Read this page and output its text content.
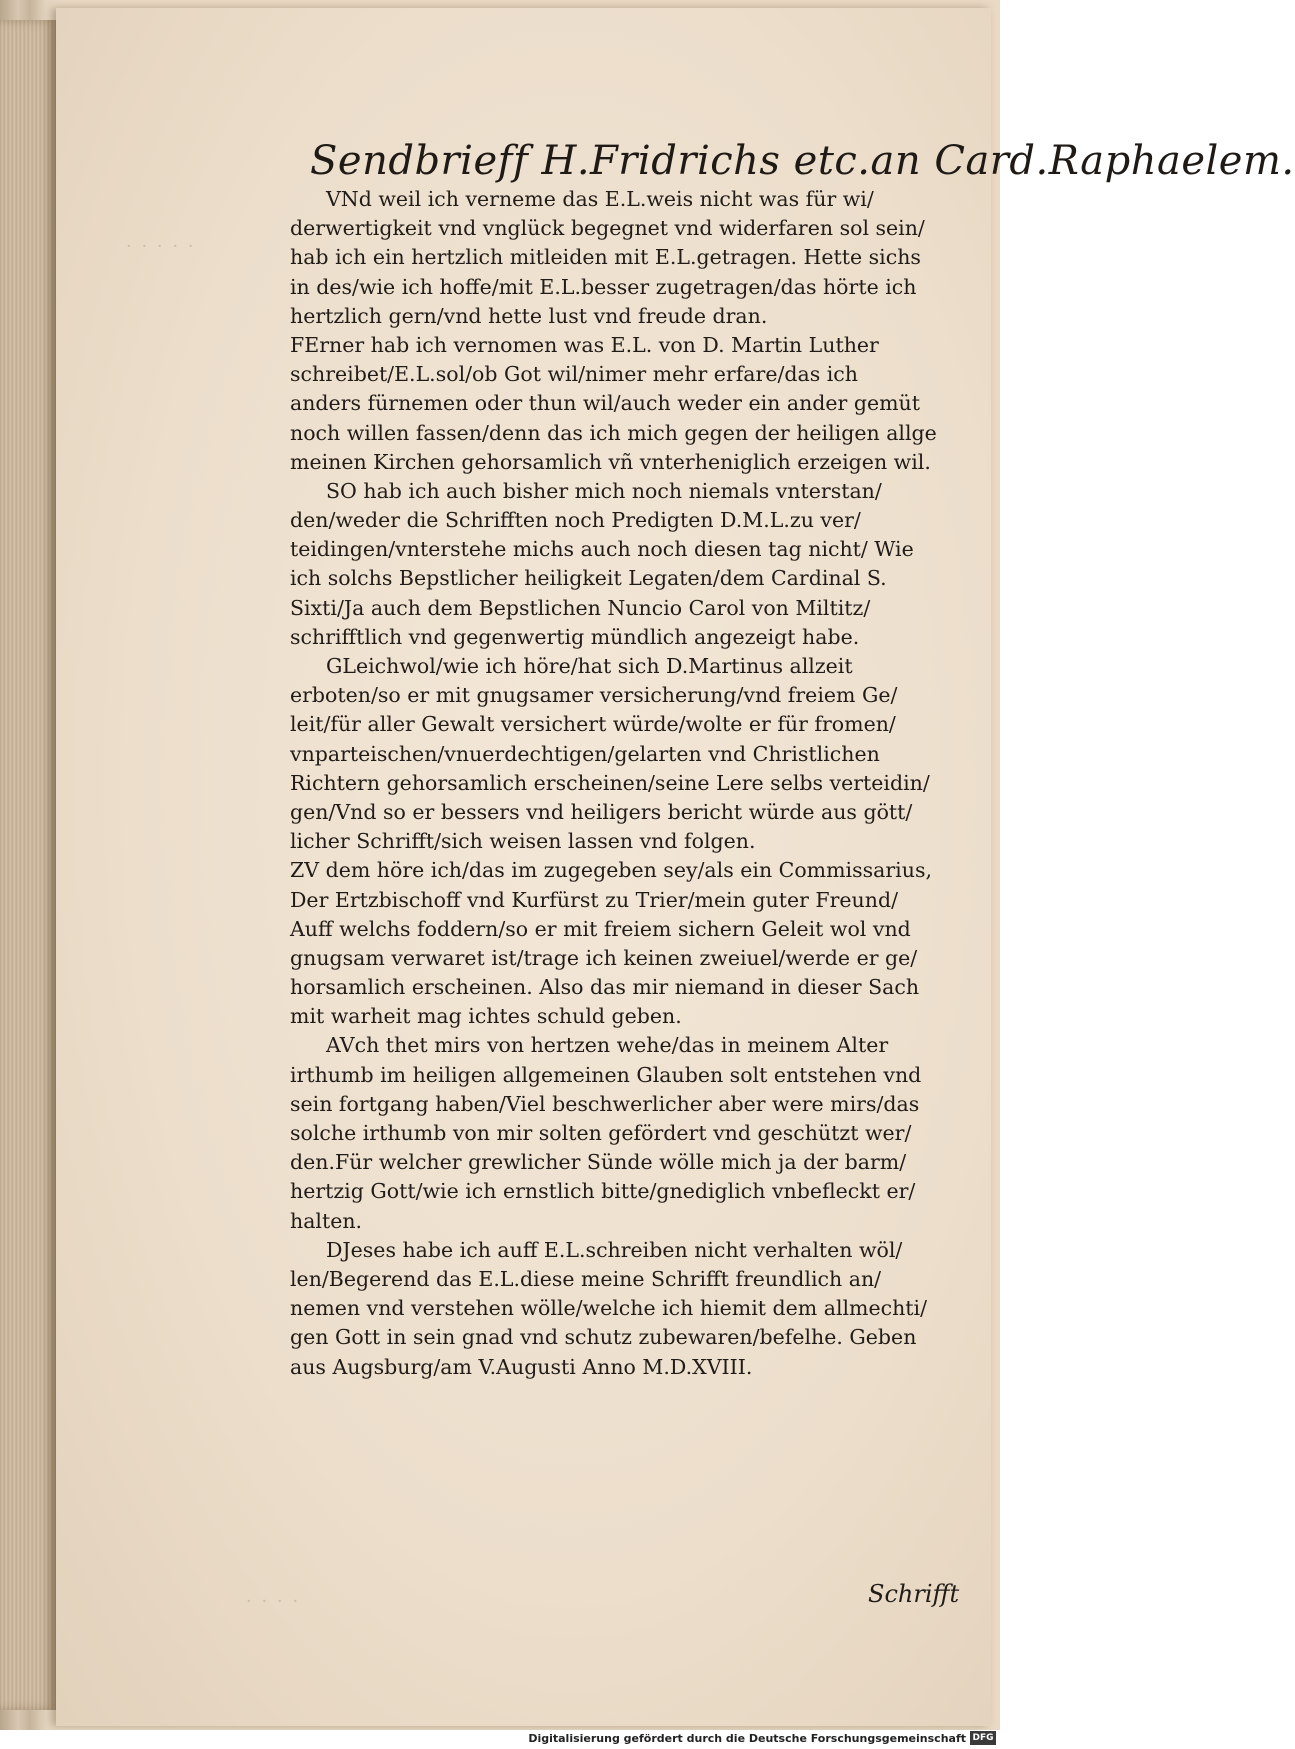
· · · · ·
· · · ·
Sendbrieff H.Fridrichs etc.an Card.Raphaelem.
VNd weil ich verneme das E.L.weis nicht was für wi/
derwertigkeit vnd vnglück begegnet vnd widerfaren sol sein/
hab ich ein hertzlich mitleiden mit E.L.getragen. Hette sichs
in des/wie ich hoffe/mit E.L.besser zugetragen/das hörte ich
hertzlich gern/vnd hette lust vnd freude dran.
FErner hab ich vernomen was E.L. von D. Martin Luther
schreibet/E.L.sol/ob Got wil/nimer mehr erfare/das ich
anders fürnemen oder thun wil/auch weder ein ander gemüt
noch willen fassen/denn das ich mich gegen der heiligen allge
meinen Kirchen gehorsamlich vñ vnterheniglich erzeigen wil.
SO hab ich auch bisher mich noch niemals vnterstan/
den/weder die Schrifften noch Predigten D.M.L.zu ver/
teidingen/vnterstehe michs auch noch diesen tag nicht/ Wie
ich solchs Bepstlicher heiligkeit Legaten/dem Cardinal S.
Sixti/Ja auch dem Bepstlichen Nuncio Carol von Miltitz/
schrifftlich vnd gegenwertig mündlich angezeigt habe.
GLeichwol/wie ich höre/hat sich D.Martinus allzeit
erboten/so er mit gnugsamer versicherung/vnd freiem Ge/
leit/für aller Gewalt versichert würde/wolte er für fromen/
vnparteischen/vnuerdechtigen/gelarten vnd Christlichen
Richtern gehorsamlich erscheinen/seine Lere selbs verteidin/
gen/Vnd so er bessers vnd heiligers bericht würde aus gött/
licher Schrifft/sich weisen lassen vnd folgen.
ZV dem höre ich/das im zugegeben sey/als ein Commissarius,
Der Ertzbischoff vnd Kurfürst zu Trier/mein guter Freund/
Auff welchs foddern/so er mit freiem sichern Geleit wol vnd
gnugsam verwaret ist/trage ich keinen zweiuel/werde er ge/
horsamlich erscheinen. Also das mir niemand in dieser Sach
mit warheit mag ichtes schuld geben.
AVch thet mirs von hertzen wehe/das in meinem Alter
irthumb im heiligen allgemeinen Glauben solt entstehen vnd
sein fortgang haben/Viel beschwerlicher aber were mirs/das
solche irthumb von mir solten gefördert vnd geschützt wer/
den.Für welcher grewlicher Sünde wölle mich ja der barm/
hertzig Gott/wie ich ernstlich bitte/gnediglich vnbefleckt er/
halten.
DJeses habe ich auff E.L.schreiben nicht verhalten wöl/
len/Begerend das E.L.diese meine Schrifft freundlich an/
nemen vnd verstehen wölle/welche ich hiemit dem allmechti/
gen Gott in sein gnad vnd schutz zubewaren/befelhe. Geben
aus Augsburg/am V.Augusti Anno M.D.XVIII.
Schrifft
Digitalisierung gefördert durch die Deutsche Forschungsgemeinschaft DFG
